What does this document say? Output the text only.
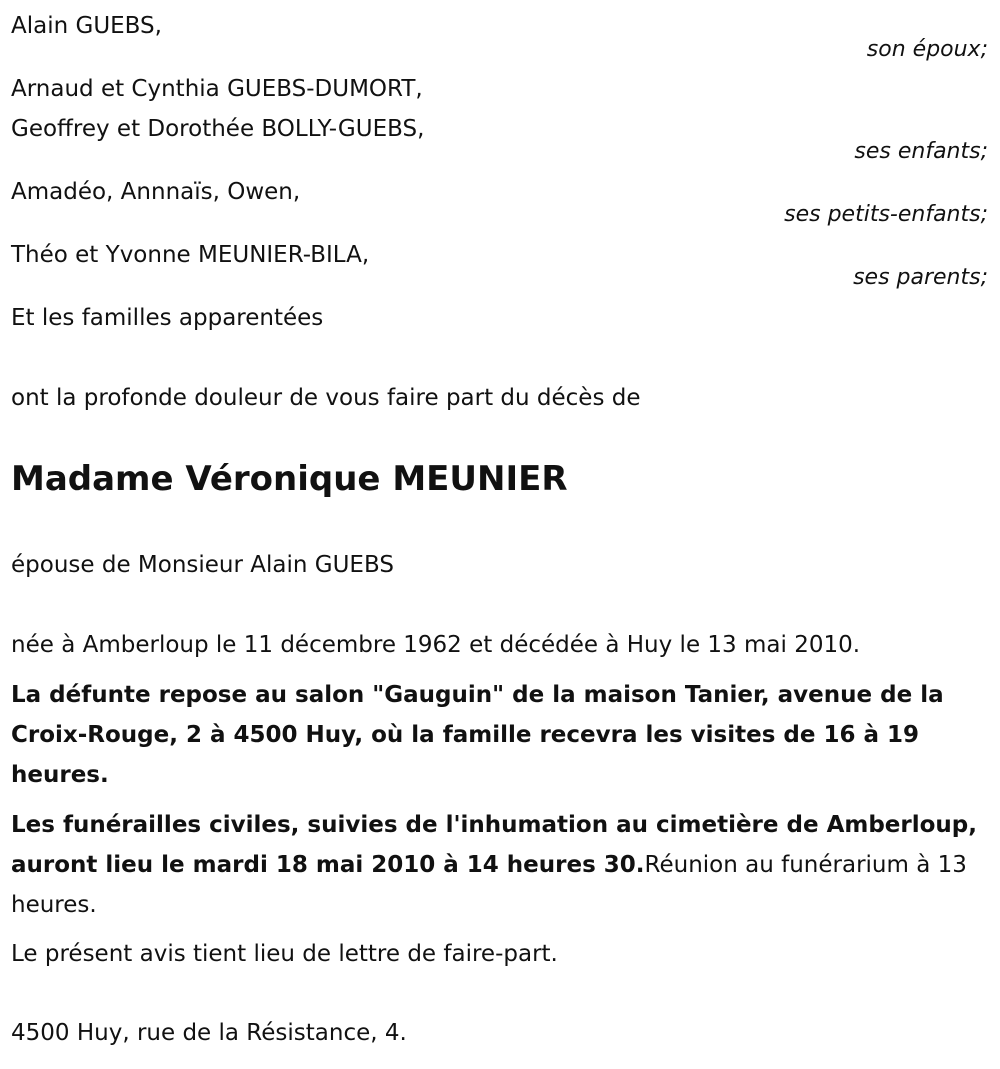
Alain GUEBS,
son époux;
Arnaud et Cynthia GUEBS-DUMORT,
Geoffrey et Dorothée BOLLY-GUEBS,
ses enfants;
Amadéo, Annnaïs, Owen,
ses petits-enfants;
Théo et Yvonne MEUNIER-BILA,
ses parents;
Et les familles apparentées
ont la profonde douleur de vous faire part du décès de
Madame Véronique MEUNIER
épouse de Monsieur Alain GUEBS
née à Amberloup le 11 décembre 1962 et décédée à Huy le 13 mai 2010.
La défunte repose au salon "Gauguin" de la maison Tanier, avenue de la Croix-Rouge, 2 à 4500 Huy, où la famille recevra les visites de 16 à 19 heures.
Les funérailles civiles, suivies de l'inhumation au cimetière de Amberloup, auront lieu le mardi 18 mai 2010 à 14 heures 30.Réunion au funérarium à 13 heures.
Le présent avis tient lieu de lettre de faire-part.
4500 Huy, rue de la Résistance, 4.
